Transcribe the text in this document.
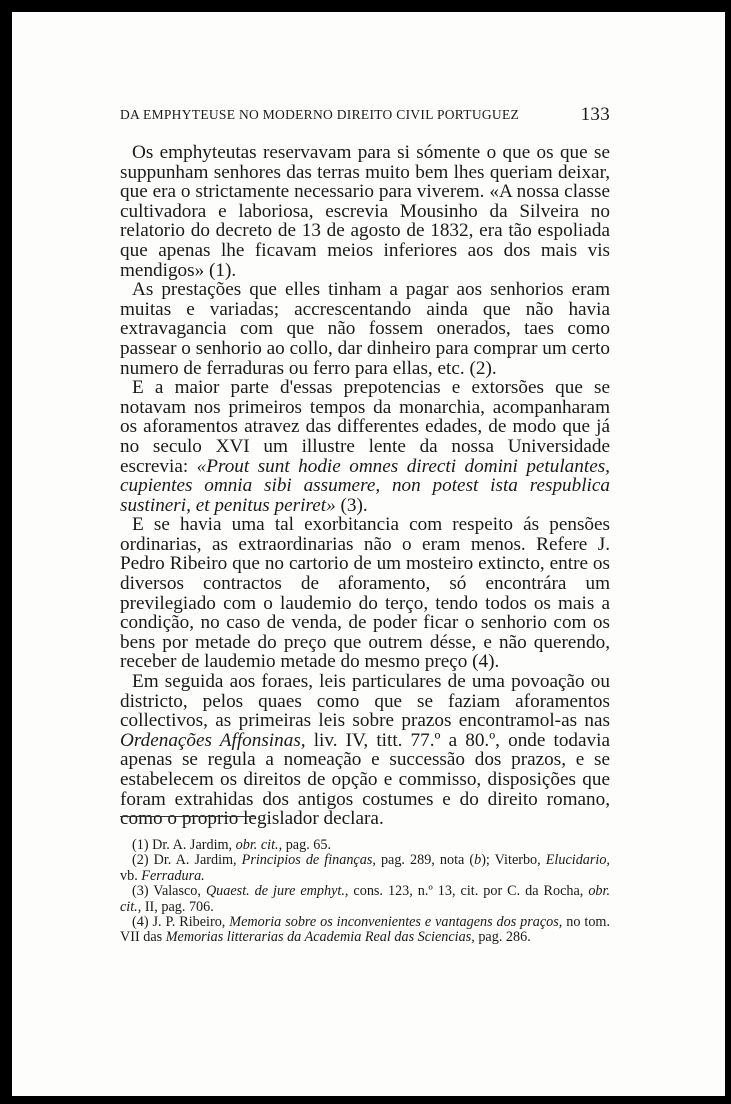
DA EMPHYTEUSE NO MODERNO DIREITO CIVIL PORTUGUEZ	133

Os emphyteutas reservavam para si sómente o que os que se suppunham senhores das terras muito bem lhes queriam deixar, que era o strictamente necessario para viverem. «A nossa classe cultivadora e laboriosa, escrevia Mousinho da Silveira no relatorio do decreto de 13 de agosto de 1832, era tão espoliada que apenas lhe ficavam meios inferiores aos dos mais vis mendigos» (1).

As prestações que elles tinham a pagar aos senhorios eram muitas e variadas; accrescentando ainda que não havia extravagancia com que não fossem onerados, taes como passear o senhorio ao collo, dar dinheiro para comprar um certo numero de ferraduras ou ferro para ellas, etc. (2).

E a maior parte d'essas prepotencias e extorsões que se notavam nos primeiros tempos da monarchia, acompanharam os aforamentos atravez das differentes edades, de modo que já no seculo XVI um illustre lente da nossa Universidade escrevia: «Prout sunt hodie omnes directi domini petulantes, cupientes omnia sibi assumere, non potest ista respublica sustineri, et penitus periret» (3).

E se havia uma tal exorbitancia com respeito ás pensões ordinarias, as extraordinarias não o eram menos. Refere J. Pedro Ribeiro que no cartorio de um mosteiro extincto, entre os diversos contractos de aforamento, só encontrára um previlegiado com o laudemio do terço, tendo todos os mais a condição, no caso de venda, de poder ficar o senhorio com os bens por metade do preço que outrem désse, e não querendo, receber de laudemio metade do mesmo preço (4).

Em seguida aos foraes, leis particulares de uma povoação ou districto, pelos quaes como que se faziam aforamentos collectivos, as primeiras leis sobre prazos encontramol-as nas Ordenações Affonsinas, liv. IV, titt. 77.º a 80.º, onde todavia apenas se regula a nomeação e successão dos prazos, e se estabelecem os direitos de opção e commisso, disposições que foram extrahidas dos antigos costumes e do direito romano, como o proprio legislador declara.

(1) Dr. A. Jardim, obr. cit., pag. 65.

(2) Dr. A. Jardim, Principios de finanças, pag. 289, nota (b); Viterbo, Elucidario, vb. Ferradura.

(3) Valasco, Quaest. de jure emphyt., cons. 123, n.º 13, cit. por C. da Rocha, obr. cit., II, pag. 706.

(4) J. P. Ribeiro, Memoria sobre os inconvenientes e vantagens dos praços, no tom. VII das Memorias litterarias da Academia Real das Sciencias, pag. 286.
